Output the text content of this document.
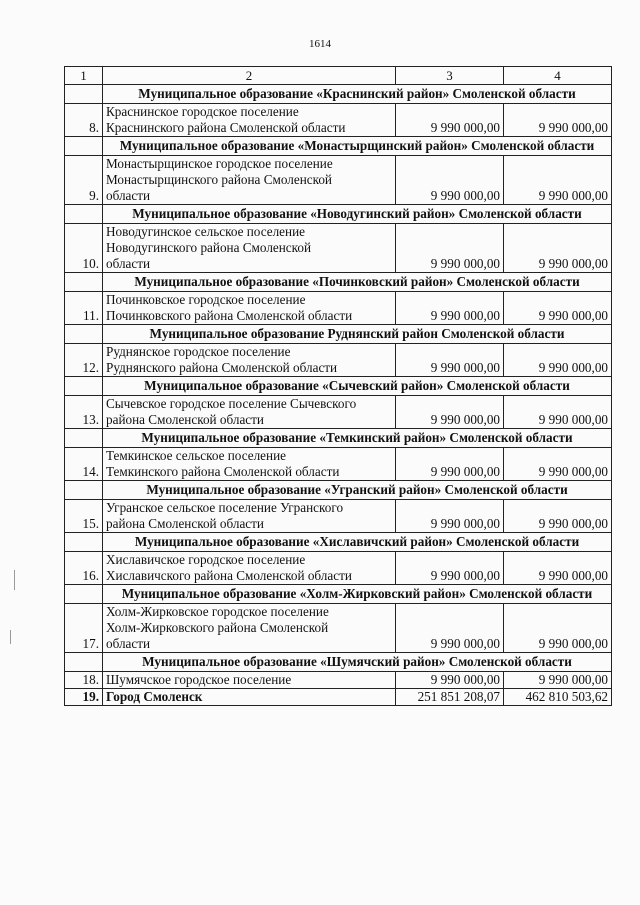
1614
1	2	3	4
	Муниципальное образование «Краснинский район» Смоленской области		
8.	Краснинское городское поселение
Краснинского района Смоленской области	9 990 000,00	9 990 000,00
	Муниципальное образование «Монастырщинский район» Смоленской области		
9.	Монастырщинское городское поселение
Монастырщинского района Смоленской
области	9 990 000,00	9 990 000,00
	Муниципальное образование «Новодугинский район» Смоленской области		
10.	Новодугинское сельское поселение
Новодугинского района Смоленской
области	9 990 000,00	9 990 000,00
	Муниципальное образование «Починковский район» Смоленской области		
11.	Починковское городское поселение
Починковского района Смоленской области	9 990 000,00	9 990 000,00
	Муниципальное образование Руднянский район Смоленской области		
12.	Руднянское городское поселение
Руднянского района Смоленской области	9 990 000,00	9 990 000,00
	Муниципальное образование «Сычевский район» Смоленской области		
13.	Сычевское городское поселение Сычевского
района Смоленской области	9 990 000,00	9 990 000,00
	Муниципальное образование «Темкинский район» Смоленской области		
14.	Темкинское сельское поселение
Темкинского района Смоленской области	9 990 000,00	9 990 000,00
	Муниципальное образование «Угранский район» Смоленской области		
15.	Угранское сельское поселение Угранского
района Смоленской области	9 990 000,00	9 990 000,00
	Муниципальное образование «Хиславичский район» Смоленской области		
16.	Хиславичское городское поселение
Хиславичского района Смоленской области	9 990 000,00	9 990 000,00
	Муниципальное образование «Холм-Жирковский район» Смоленской области		
17.	Холм-Жирковское городское поселение
Холм-Жирковского района Смоленской
области	9 990 000,00	9 990 000,00
	Муниципальное образование «Шумячский район» Смоленской области		
18.	Шумячское городское поселение	9 990 000,00	9 990 000,00
19.	Город Смоленск	251 851 208,07	462 810 503,62
